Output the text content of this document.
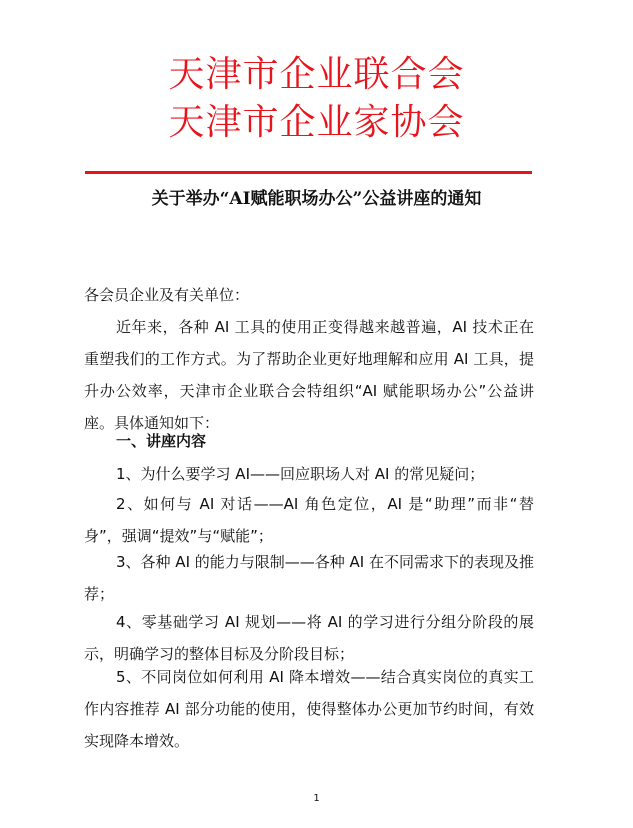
天津市企业联合会
天津市企业家协会
关于举办“AI赋能职场办公”公益讲座的通知

各会员企业及有关单位：

近年来，各种 AI 工具的使用正变得越来越普遍，AI 技术正在重塑我们的工作方式。为了帮助企业更好地理解和应用 AI 工具，提升办公效率，天津市企业联合会特组织“AI 赋能职场办公”公益讲座。具体通知如下：

一、讲座内容

1、为什么要学习 AI——回应职场人对 AI 的常见疑问；

2、如何与 AI 对话——AI 角色定位，AI 是“助理”而非“替身”，强调“提效”与“赋能”；

3、各种 AI 的能力与限制——各种 AI 在不同需求下的表现及推荐；

4、零基础学习 AI 规划——将 AI 的学习进行分组分阶段的展示，明确学习的整体目标及分阶段目标；

5、不同岗位如何利用 AI 降本增效——结合真实岗位的真实工作内容推荐 AI 部分功能的使用，使得整体办公更加节约时间，有效实现降本增效。

1
